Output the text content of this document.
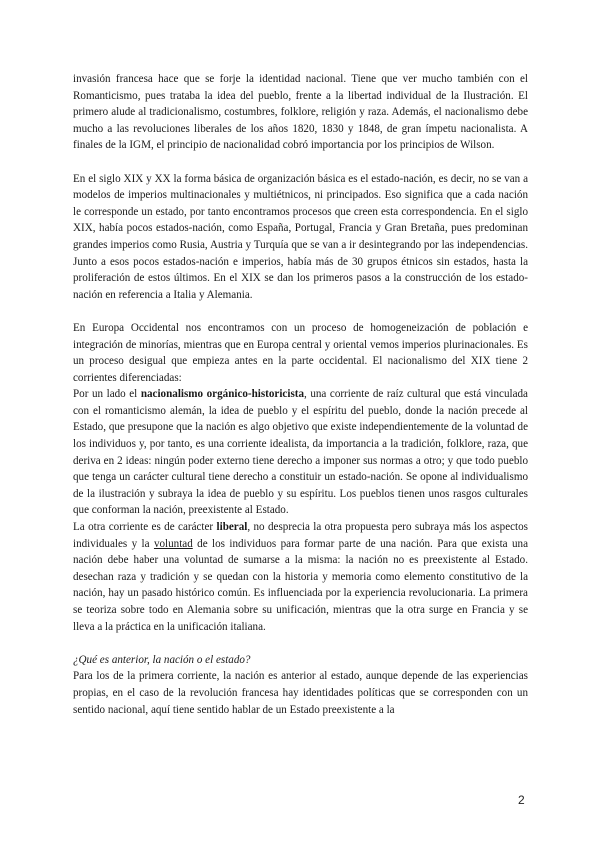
invasión francesa hace que se forje la identidad nacional. Tiene que ver mucho también con el Romanticismo, pues trataba la idea del pueblo, frente a la libertad individual de la Ilustración. El primero alude al tradicionalismo, costumbres, folklore, religión y raza. Además, el nacionalismo debe mucho a las revoluciones liberales de los años 1820, 1830 y 1848, de gran ímpetu nacionalista. A finales de la IGM, el principio de nacionalidad cobró importancia por los principios de Wilson.

En el siglo XIX y XX la forma básica de organización básica es el estado-nación, es decir, no se van a modelos de imperios multinacionales y multiétnicos, ni principados. Eso significa que a cada nación le corresponde un estado, por tanto encontramos procesos que creen esta correspondencia. En el siglo XIX, había pocos estados-nación, como España, Portugal, Francia y Gran Bretaña, pues predominan grandes imperios como Rusia, Austria y Turquía que se van a ir desintegrando por las independencias. Junto a esos pocos estados-nación e imperios, había más de 30 grupos étnicos sin estados, hasta la proliferación de estos últimos. En el XIX se dan los primeros pasos a la construcción de los estado-nación en referencia a Italia y Alemania.

En Europa Occidental nos encontramos con un proceso de homogeneización de población e integración de minorías, mientras que en Europa central y oriental vemos imperios plurinacionales. Es un proceso desigual que empieza antes en la parte occidental. El nacionalismo del XIX tiene 2 corrientes diferenciadas:

Por un lado el nacionalismo orgánico-historicista, una corriente de raíz cultural que está vinculada con el romanticismo alemán, la idea de pueblo y el espíritu del pueblo, donde la nación precede al Estado, que presupone que la nación es algo objetivo que existe independientemente de la voluntad de los individuos y, por tanto, es una corriente idealista, da importancia a la tradición, folklore, raza, que deriva en 2 ideas: ningún poder externo tiene derecho a imponer sus normas a otro; y que todo pueblo que tenga un carácter cultural tiene derecho a constituir un estado-nación. Se opone al individualismo de la ilustración y subraya la idea de pueblo y su espíritu. Los pueblos tienen unos rasgos culturales que conforman la nación, preexistente al Estado.

La otra corriente es de carácter liberal, no desprecia la otra propuesta pero subraya más los aspectos individuales y la voluntad de los individuos para formar parte de una nación. Para que exista una nación debe haber una voluntad de sumarse a la misma: la nación no es preexistente al Estado. desechan raza y tradición y se quedan con la historia y memoria como elemento constitutivo de la nación, hay un pasado histórico común. Es influenciada por la experiencia revolucionaria. La primera se teoriza sobre todo en Alemania sobre su unificación, mientras que la otra surge en Francia y se lleva a la práctica en la unificación italiana.

¿Qué es anterior, la nación o el estado?

Para los de la primera corriente, la nación es anterior al estado, aunque depende de las experiencias propias, en el caso de la revolución francesa hay identidades políticas que se corresponden con un sentido nacional, aquí tiene sentido hablar de un Estado preexistente a la

2
